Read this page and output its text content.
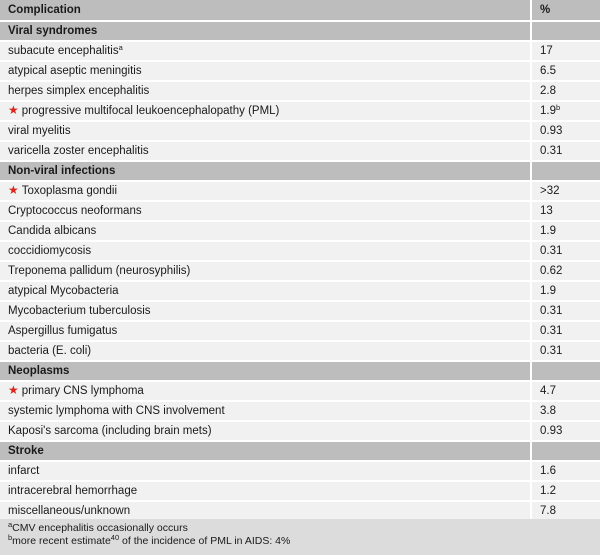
Complication	%
Viral syndromes	
subacute encephalitis$^a$	17
atypical aseptic meningitis	6.5
herpes simplex encephalitis	2.8
★ progressive multifocal leukoencephalopathy (PML)	1.9$^b$
viral myelitis	0.93
varicella zoster encephalitis	0.31
Non-viral infections	
★ Toxoplasma gondii	>32
Cryptococcus neoformans	13
Candida albicans	1.9
coccidiomycosis	0.31
Treponema pallidum (neurosyphilis)	0.62
atypical Mycobacteria	1.9
Mycobacterium tuberculosis	0.31
Aspergillus fumigatus	0.31
bacteria (E. coli)	0.31
Neoplasms	
★ primary CNS lymphoma	4.7
systemic lymphoma with CNS involvement	3.8
Kaposi's sarcoma (including brain mets)	0.93
Stroke	
infarct	1.6
intracerebral hemorrhage	1.2
miscellaneous/unknown	7.8
$^a$CMV encephalitis occasionally occurs
$^b$more recent estimate$^{40}$ of the incidence of PML in AIDS: 4%
